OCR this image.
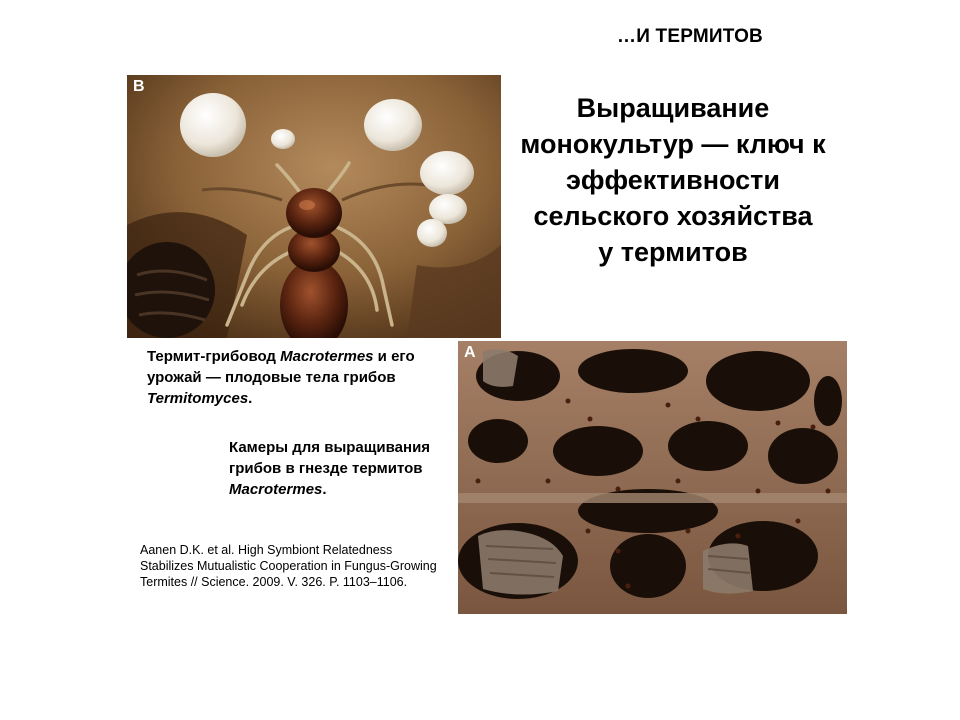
…И ТЕРМИТОВ
Выращивание
монокультур — ключ к
эффективности
сельского хозяйства
у термитов
B

Термит-грибовод Macrotermes и его урожай — плодовые тела грибов Termitomyces.

Камеры для выращивания грибов в гнезде термитов Macrotermes.

A

Aanen D.K. et al. High Symbiont Relatedness Stabilizes Mutualistic Cooperation in Fungus-Growing Termites // Science. 2009. V. 326. P. 1103–1106.
